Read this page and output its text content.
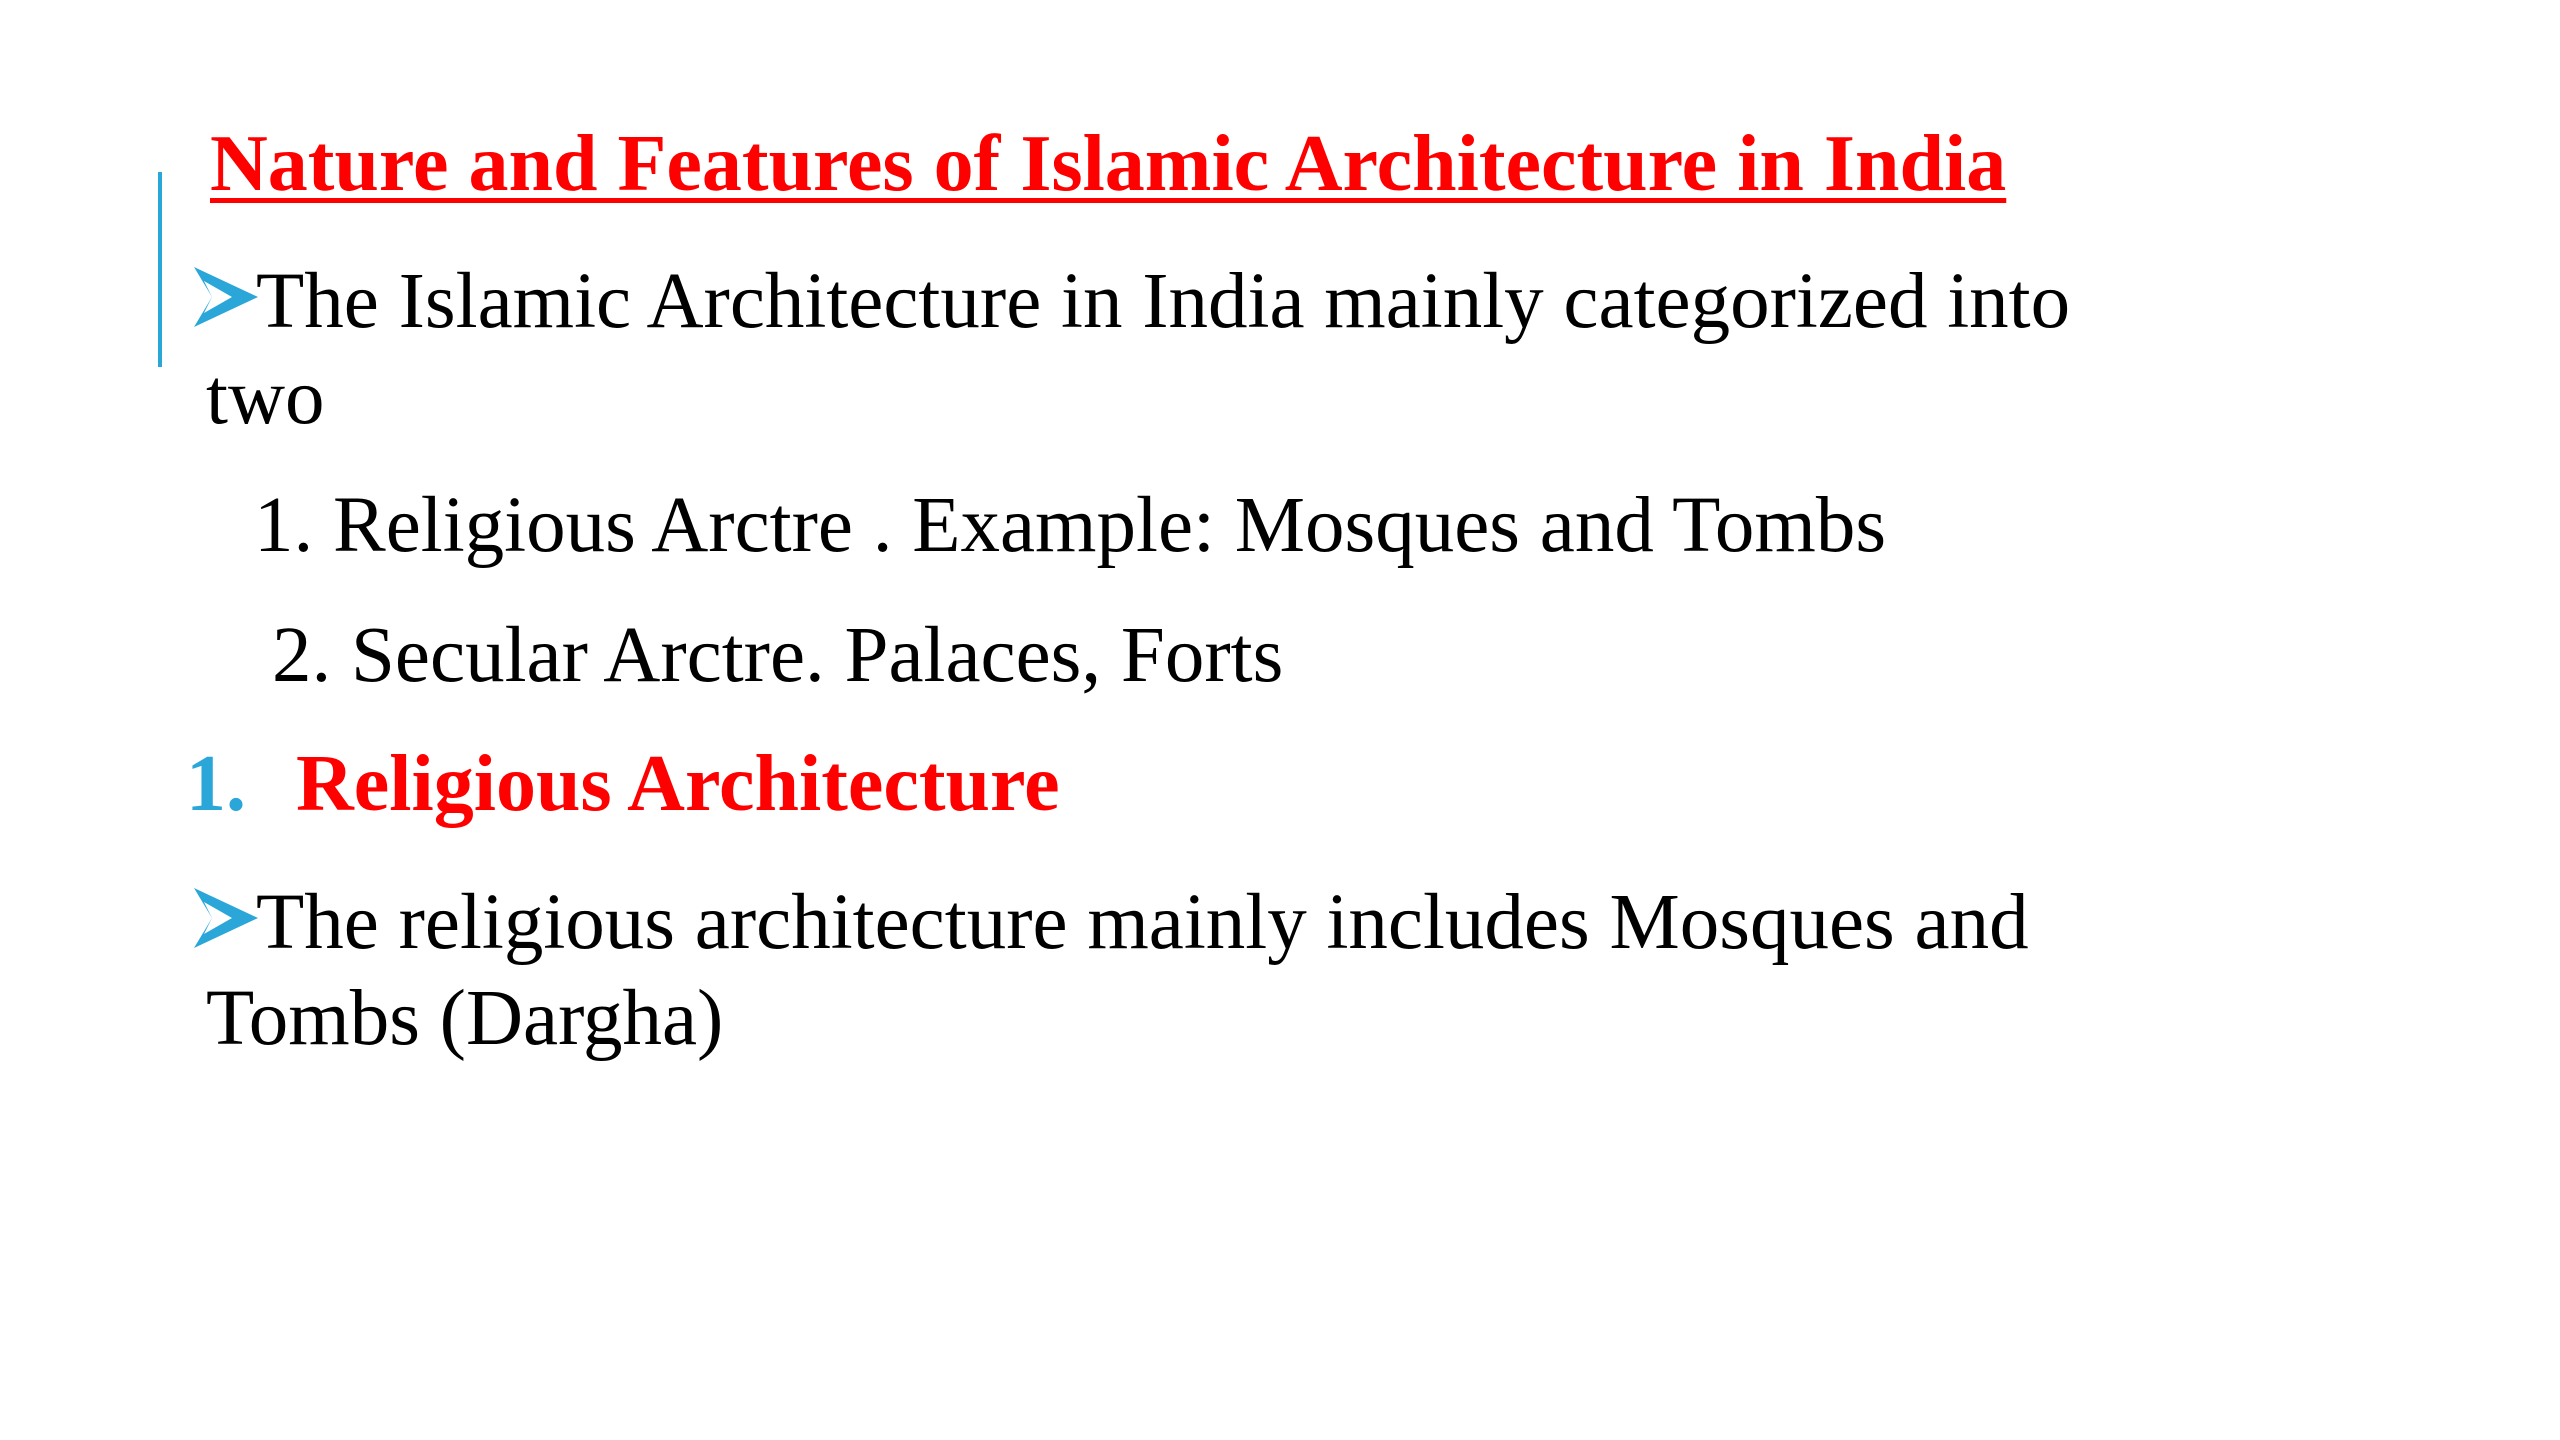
Nature and Features of Islamic Architecture in India

The Islamic Architecture in India mainly categorized into
two

1. Religious Arctre . Example: Mosques and Tombs

2. Secular Arctre. Palaces, Forts

1. Religious Architecture

The religious architecture mainly includes Mosques and
Tombs (Dargha)
